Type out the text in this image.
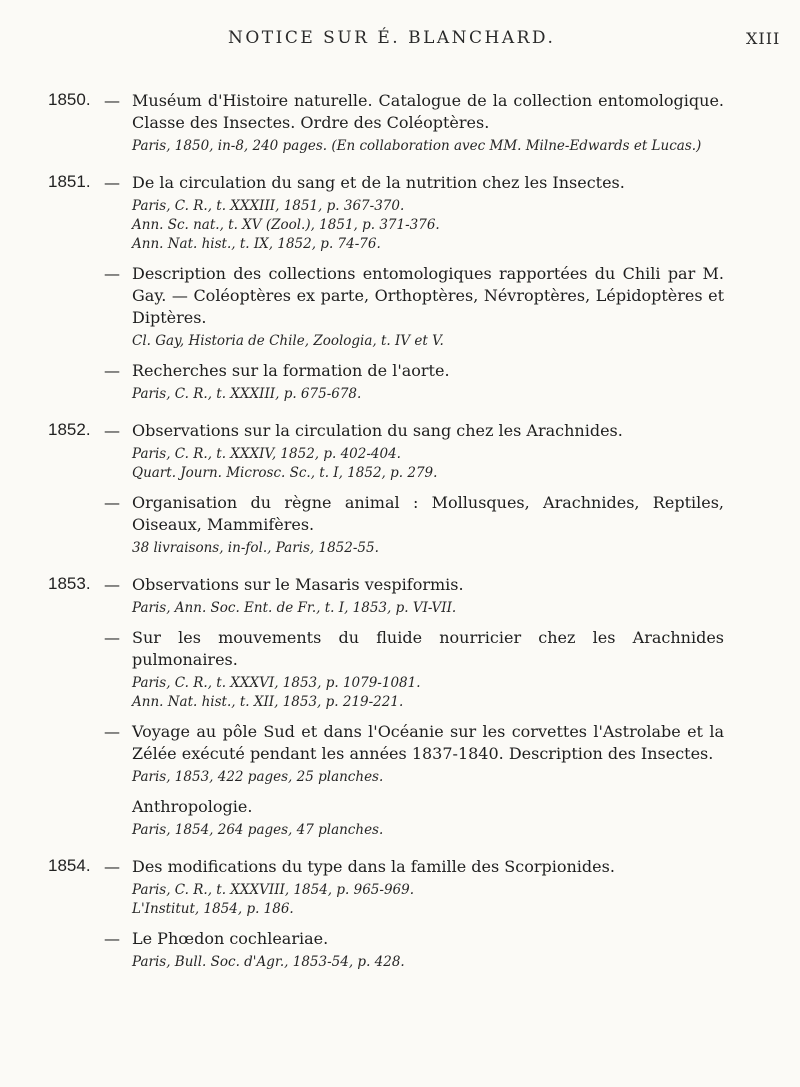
NOTICE SUR É. BLANCHARD.	XIII
1850. — Muséum d'Histoire naturelle. Catalogue de la collection entomologique. Classe des Insectes. Ordre des Coléoptères.

Paris, 1850, in-8, 240 pages. (En collaboration avec MM. Milne-Edwards et Lucas.)

1851. — De la circulation du sang et de la nutrition chez les Insectes.

Paris, C. R., t. XXXIII, 1851, p. 367-370.

Ann. Sc. nat., t. XV (Zool.), 1851, p. 371-376.

Ann. Nat. hist., t. IX, 1852, p. 74-76.

— Description des collections entomologiques rapportées du Chili par M. Gay. — Coléoptères ex parte, Orthoptères, Névroptères, Lépidoptères et Diptères.

Cl. Gay, Historia de Chile, Zoologia, t. IV et V.

— Recherches sur la formation de l'aorte.

Paris, C. R., t. XXXIII, p. 675-678.

1852. — Observations sur la circulation du sang chez les Arachnides.

Paris, C. R., t. XXXIV, 1852, p. 402-404.

Quart. Journ. Microsc. Sc., t. I, 1852, p. 279.

— Organisation du règne animal : Mollusques, Arachnides, Reptiles, Oiseaux, Mammifères.

38 livraisons, in-fol., Paris, 1852-55.

1853. — Observations sur le Masaris vespiformis.

Paris, Ann. Soc. Ent. de Fr., t. I, 1853, p. VI-VII.

— Sur les mouvements du fluide nourricier chez les Arachnides pulmonaires.

Paris, C. R., t. XXXVI, 1853, p. 1079-1081.

Ann. Nat. hist., t. XII, 1853, p. 219-221.

— Voyage au pôle Sud et dans l'Océanie sur les corvettes l'Astrolabe et la Zélée exécuté pendant les années 1837-1840. Description des Insectes.

Paris, 1853, 422 pages, 25 planches.

Anthropologie.

Paris, 1854, 264 pages, 47 planches.

1854. — Des modifications du type dans la famille des Scorpionides.

Paris, C. R., t. XXXVIII, 1854, p. 965-969.

L'Institut, 1854, p. 186.

— Le Phœdon cochleariae.

Paris, Bull. Soc. d'Agr., 1853-54, p. 428.
